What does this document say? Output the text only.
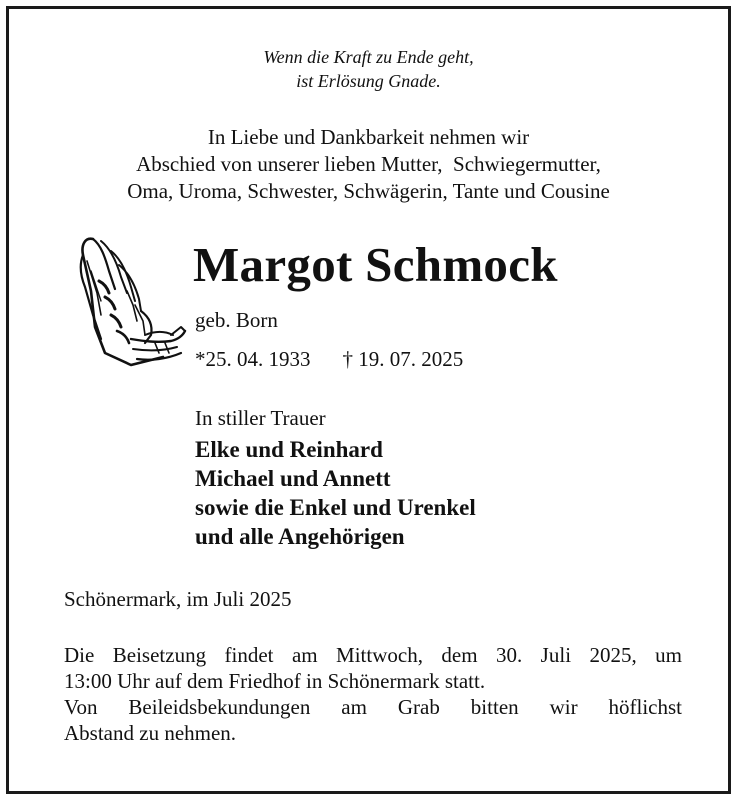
Wenn die Kraft zu Ende geht,
ist Erlösung Gnade.
In Liebe und Dankbarkeit nehmen wir
Abschied von unserer lieben Mutter,  Schwiegermutter,
Oma, Uroma, Schwester, Schwägerin, Tante und Cousine
Margot Schmock
geb. Born
*25. 04. 1933 † 19. 07. 2025
In stiller Trauer
Elke und Reinhard
Michael und Annett
sowie die Enkel und Urenkel
und alle Angehörigen
Schönermark, im Juli 2025
Die Beisetzung findet am Mittwoch, dem 30. Juli 2025, um
13:00 Uhr auf dem Friedhof in Schönermark statt.
Von Beileidsbekundungen am Grab bitten wir höflichst
Abstand zu nehmen.
